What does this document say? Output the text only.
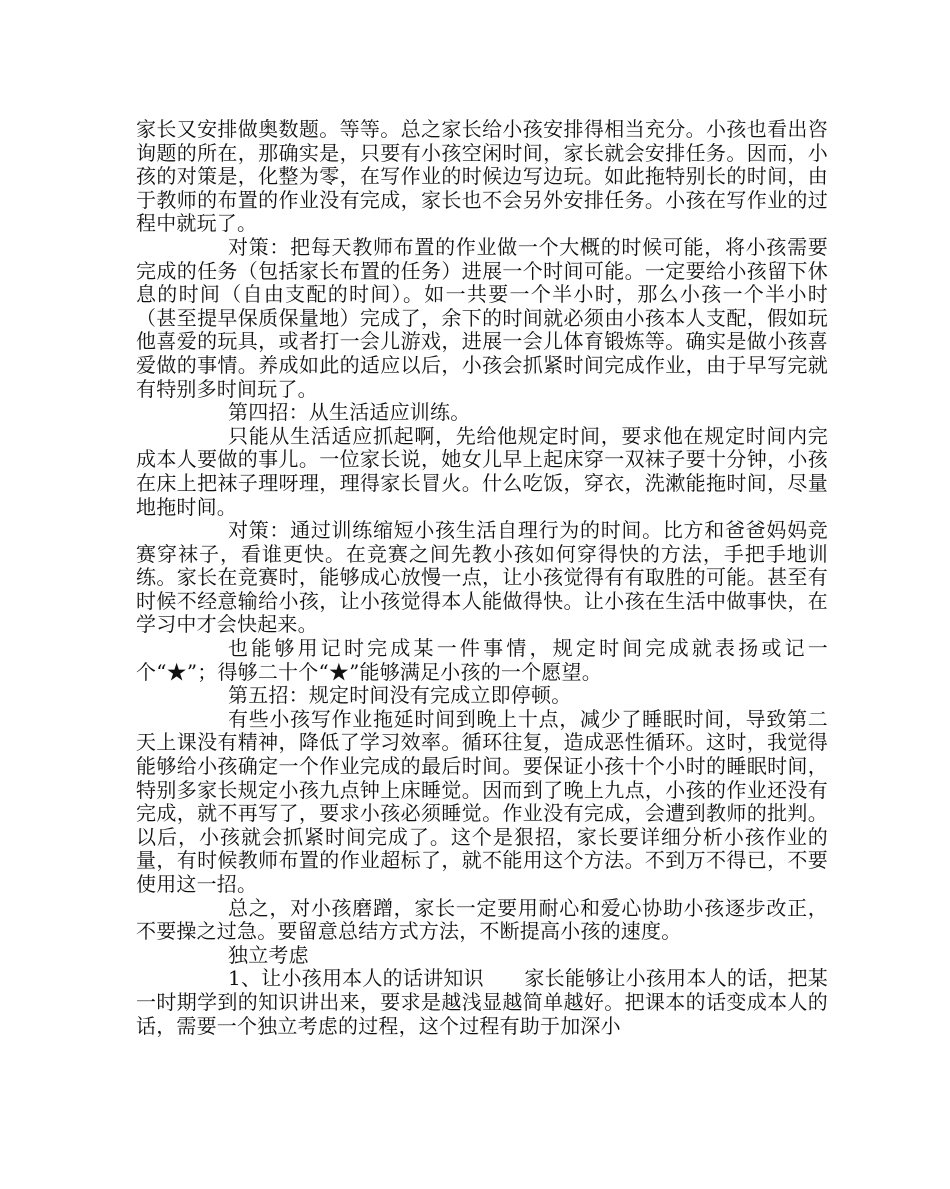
家长又安排做奥数题。等等。总之家长给小孩安排得相当充分。小孩也看出咨询题的所在，那确实是，只要有小孩空闲时间，家长就会安排任务。因而，小孩的对策是，化整为零，在写作业的时候边写边玩。如此拖特别长的时间，由于教师的布置的作业没有完成，家长也不会另外安排任务。小孩在写作业的过程中就玩了。

对策：把每天教师布置的作业做一个大概的时候可能，将小孩需要完成的任务（包括家长布置的任务）进展一个时间可能。一定要给小孩留下休息的时间（自由支配的时间）。如一共要一个半小时，那么小孩一个半小时（甚至提早保质保量地）完成了，余下的时间就必须由小孩本人支配，假如玩他喜爱的玩具，或者打一会儿游戏，进展一会儿体育锻炼等。确实是做小孩喜爱做的事情。养成如此的适应以后，小孩会抓紧时间完成作业，由于早写完就有特别多时间玩了。

第四招：从生活适应训练。

只能从生活适应抓起啊，先给他规定时间，要求他在规定时间内完成本人要做的事儿。一位家长说，她女儿早上起床穿一双袜子要十分钟，小孩在床上把袜子理呀理，理得家长冒火。什么吃饭，穿衣，洗漱能拖时间，尽量地拖时间。

对策：通过训练缩短小孩生活自理行为的时间。比方和爸爸妈妈竞赛穿袜子，看谁更快。在竞赛之间先教小孩如何穿得快的方法，手把手地训练。家长在竞赛时，能够成心放慢一点，让小孩觉得有有取胜的可能。甚至有时候不经意输给小孩，让小孩觉得本人能做得快。让小孩在生活中做事快，在学习中才会快起来。

也能够用记时完成某一件事情，规定时间完成就表扬或记一个“★”；得够二十个“★”能够满足小孩的一个愿望。

第五招：规定时间没有完成立即停顿。

有些小孩写作业拖延时间到晚上十点，减少了睡眠时间，导致第二天上课没有精神，降低了学习效率。循环往复，造成恶性循环。这时，我觉得能够给小孩确定一个作业完成的最后时间。要保证小孩十个小时的睡眠时间，特别多家长规定小孩九点钟上床睡觉。因而到了晚上九点，小孩的作业还没有完成，就不再写了，要求小孩必须睡觉。作业没有完成，会遭到教师的批判。以后，小孩就会抓紧时间完成了。这个是狠招，家长要详细分析小孩作业的量，有时候教师布置的作业超标了，就不能用这个方法。不到万不得已，不要使用这一招。

总之，对小孩磨蹭，家长一定要用耐心和爱心协助小孩逐步改正，不要操之过急。要留意总结方式方法，不断提高小孩的速度。

独立考虑

1、让小孩用本人的话讲知识　　家长能够让小孩用本人的话，把某一时期学到的知识讲出来，要求是越浅显越简单越好。把课本的话变成本人的话，需要一个独立考虑的过程，这个过程有助于加深小
